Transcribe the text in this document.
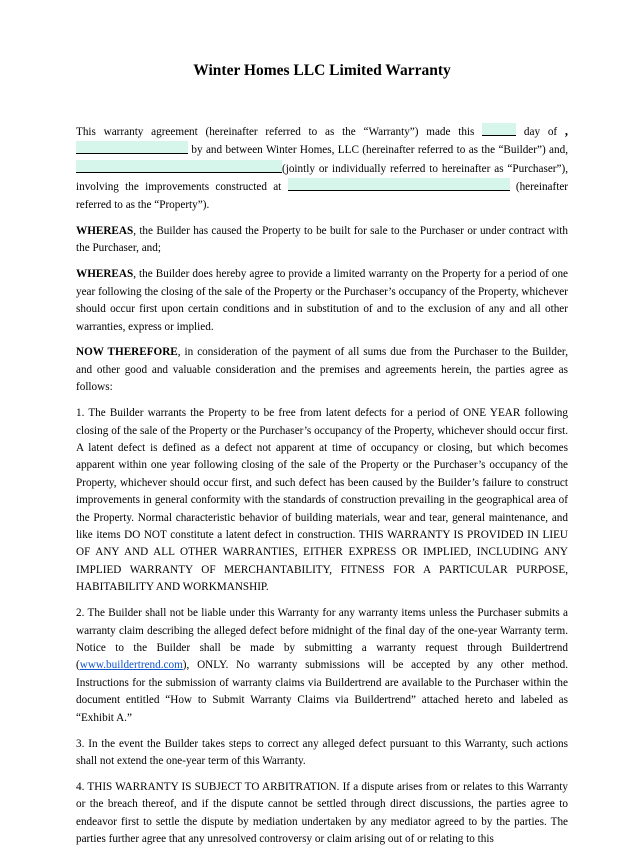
Winter Homes LLC Limited Warranty

This warranty agreement (hereinafter referred to as the “Warranty”) made this	day of ,  by and between Winter Homes, LLC (hereinafter referred to as the “Builder”) and, (jointly or individually referred to hereinafter as “Purchaser”), involving the improvements constructed at	(hereinafter referred to as the “Property”).

WHEREAS, the Builder has caused the Property to be built for sale to the Purchaser or under contract with the Purchaser, and;

WHEREAS, the Builder does hereby agree to provide a limited warranty on the Property for a period of one year following the closing of the sale of the Property or the Purchaser’s occupancy of the Property, whichever should occur first upon certain conditions and in substitution of and to the exclusion of any and all other warranties, express or implied.

NOW THEREFORE, in consideration of the payment of all sums due from the Purchaser to the Builder, and other good and valuable consideration and the premises and agreements herein, the parties agree as follows:

1. The Builder warrants the Property to be free from latent defects for a period of ONE YEAR following closing of the sale of the Property or the Purchaser’s occupancy of the Property, whichever should occur first. A latent defect is defined as a defect not apparent at time of occupancy or closing, but which becomes apparent within one year following closing of the sale of the Property or the Purchaser’s occupancy of the Property, whichever should occur first, and such defect has been caused by the Builder’s failure to construct improvements in general conformity with the standards of construction prevailing in the geographical area of the Property. Normal characteristic behavior of building materials, wear and tear, general maintenance, and like items DO NOT constitute a latent defect in construction. THIS WARRANTY IS PROVIDED IN LIEU OF ANY AND ALL OTHER WARRANTIES, EITHER EXPRESS OR IMPLIED, INCLUDING ANY IMPLIED WARRANTY OF MERCHANTABILITY, FITNESS FOR A PARTICULAR PURPOSE, HABITABILITY AND WORKMANSHIP.

2. The Builder shall not be liable under this Warranty for any warranty items unless the Purchaser submits a warranty claim describing the alleged defect before midnight of the final day of the one-year Warranty term. Notice to the Builder shall be made by submitting a warranty request through Buildertrend (www.buildertrend.com), ONLY. No warranty submissions will be accepted by any other method. Instructions for the submission of warranty claims via Buildertrend are available to the Purchaser within the document entitled “How to Submit Warranty Claims via Buildertrend” attached hereto and labeled as “Exhibit A.”

3. In the event the Builder takes steps to correct any alleged defect pursuant to this Warranty, such actions shall not extend the one-year term of this Warranty.

4. THIS WARRANTY IS SUBJECT TO ARBITRATION. If a dispute arises from or relates to this Warranty or the breach thereof, and if the dispute cannot be settled through direct discussions, the parties agree to endeavor first to settle the dispute by mediation undertaken by any mediator agreed to by the parties. The parties further agree that any unresolved controversy or claim arising out of or relating to this
